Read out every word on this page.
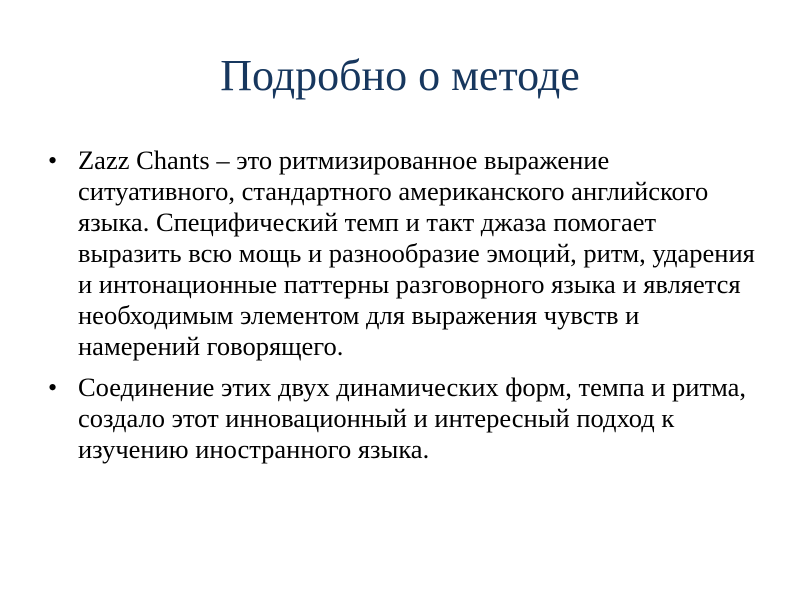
Подробно о методе
• Zazz Chants – это ритмизированное выражение ситуативного, стандартного американского английского языка. Специфический темп и такт джаза помогает выразить всю мощь и разнообразие эмоций, ритм, ударения и интонационные паттерны разговорного языка и является необходимым элементом для выражения чувств и намерений говорящего.
• Соединение этих двух динамических форм, темпа и ритма, создало этот инновационный и интересный подход к изучению иностранного языка.
